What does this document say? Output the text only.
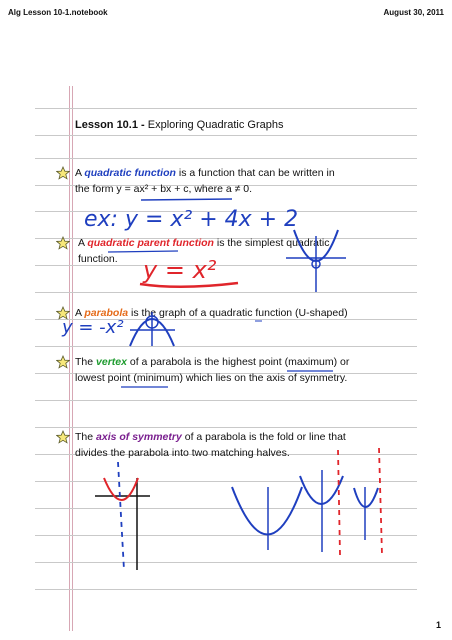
Alg Lesson 10-1.notebook	August 30, 2011
Lesson 10.1 - Exploring Quadratic Graphs
A quadratic function is a function that can be written in
the form y = ax² + bx + c, where a ≠ 0.
A quadratic parent function is the simplest quadratic
function.
A parabola is the graph of a quadratic function (U-shaped)
The vertex of a parabola is the highest point (maximum) or
lowest point (minimum) which lies on the axis of symmetry.
The axis of symmetry of a parabola is the fold or line that
divides the parabola into two matching halves.
ex: y = x² + 4x + 2
y = x²
y = -x²
1
